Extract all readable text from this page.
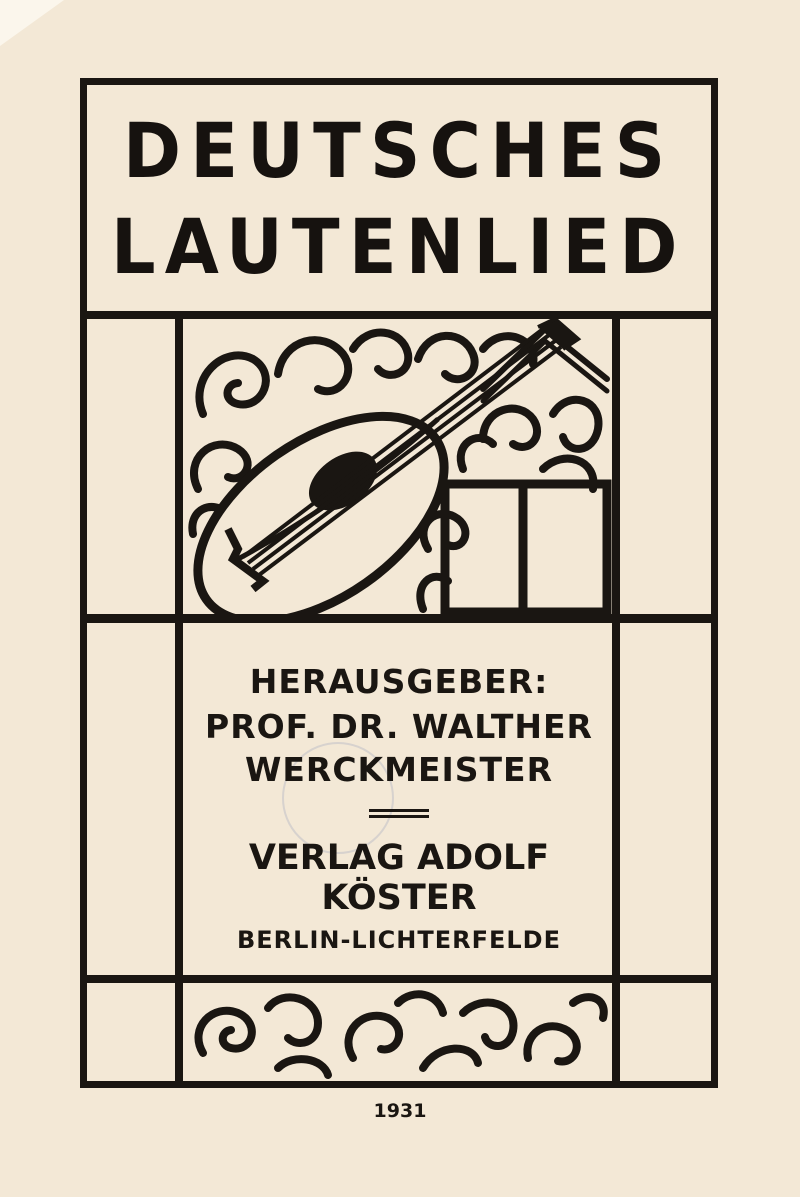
DEUTSCHES
LAUTENLIED
HERAUSGEBER:
PROF. DR. WALTHER
WERCKMEISTER
VERLAG ADOLF KÖSTER
BERLIN-LICHTERFELDE
1931
